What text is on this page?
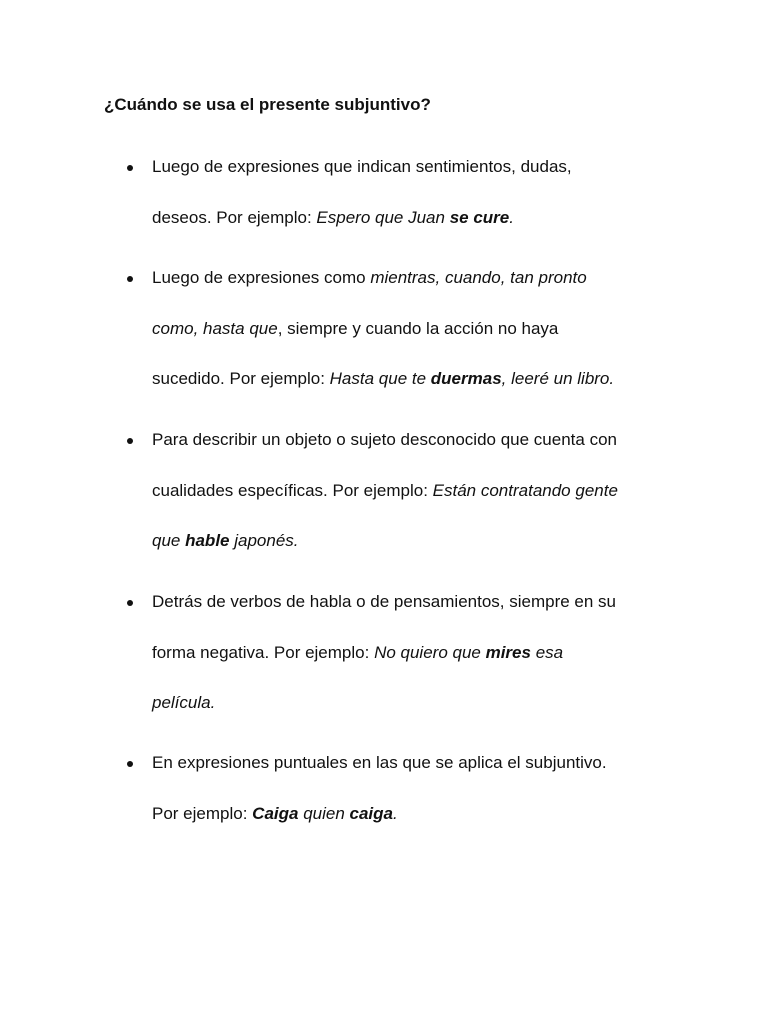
¿Cuándo se usa el presente subjuntivo?
Luego de expresiones que indican sentimientos, dudas,
deseos. Por ejemplo: Espero que Juan se cure.
Luego de expresiones como mientras, cuando, tan pronto
como, hasta que, siempre y cuando la acción no haya
sucedido. Por ejemplo: Hasta que te duermas, leeré un libro.
Para describir un objeto o sujeto desconocido que cuenta con
cualidades específicas. Por ejemplo: Están contratando gente
que hable japonés.
Detrás de verbos de habla o de pensamientos, siempre en su
forma negativa. Por ejemplo: No quiero que mires esa
película.
En expresiones puntuales en las que se aplica el subjuntivo.
Por ejemplo: Caiga quien caiga.
